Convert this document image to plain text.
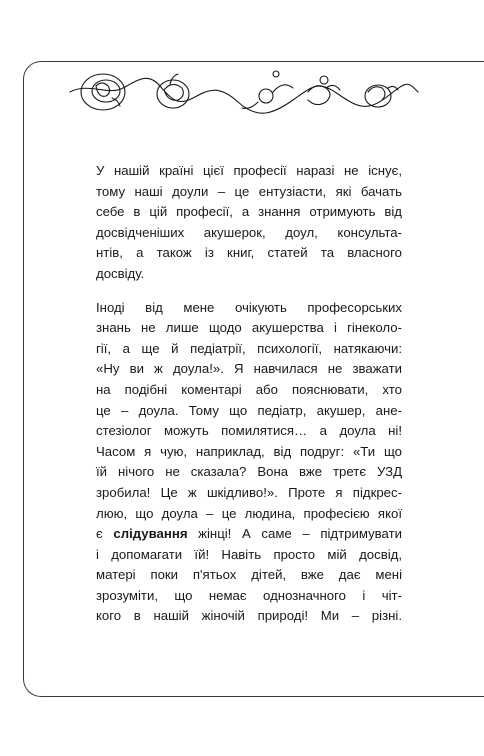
У нашій країні цієї професії наразі не існує,
тому наші доули – це ентузіасти, які бачать
себе в цій професії, а знання отримують від
досвідченіших акушерок, доул, консульта-
нтів, а також із книг, статей та власного
досвіду.
Іноді від мене очікують професорських
знань не лише щодо акушерства і гінеколо-
гії, а ще й педіатрії, психології, натякаючи:
«Ну ви ж доула!». Я навчилася не зважати
на подібні коментарі або пояснювати, хто
це – доула. Тому що педіатр, акушер, ане-
стезіолог можуть помилятися… а доула ні!
Часом я чую, наприклад, від подруг: «Ти що
їй нічого не сказала? Вона вже третє УЗД
зробила! Це ж шкідливо!». Проте я підкрес-
люю, що доула – це людина, професією якої
є слідування жінці! А саме – підтримувати
і допомагати їй! Навіть просто мій досвід,
матері поки п'ятьох дітей, вже дає мені
зрозуміти, що немає однозначного і чіт-
кого в нашій жіночій природі! Ми – різні.
